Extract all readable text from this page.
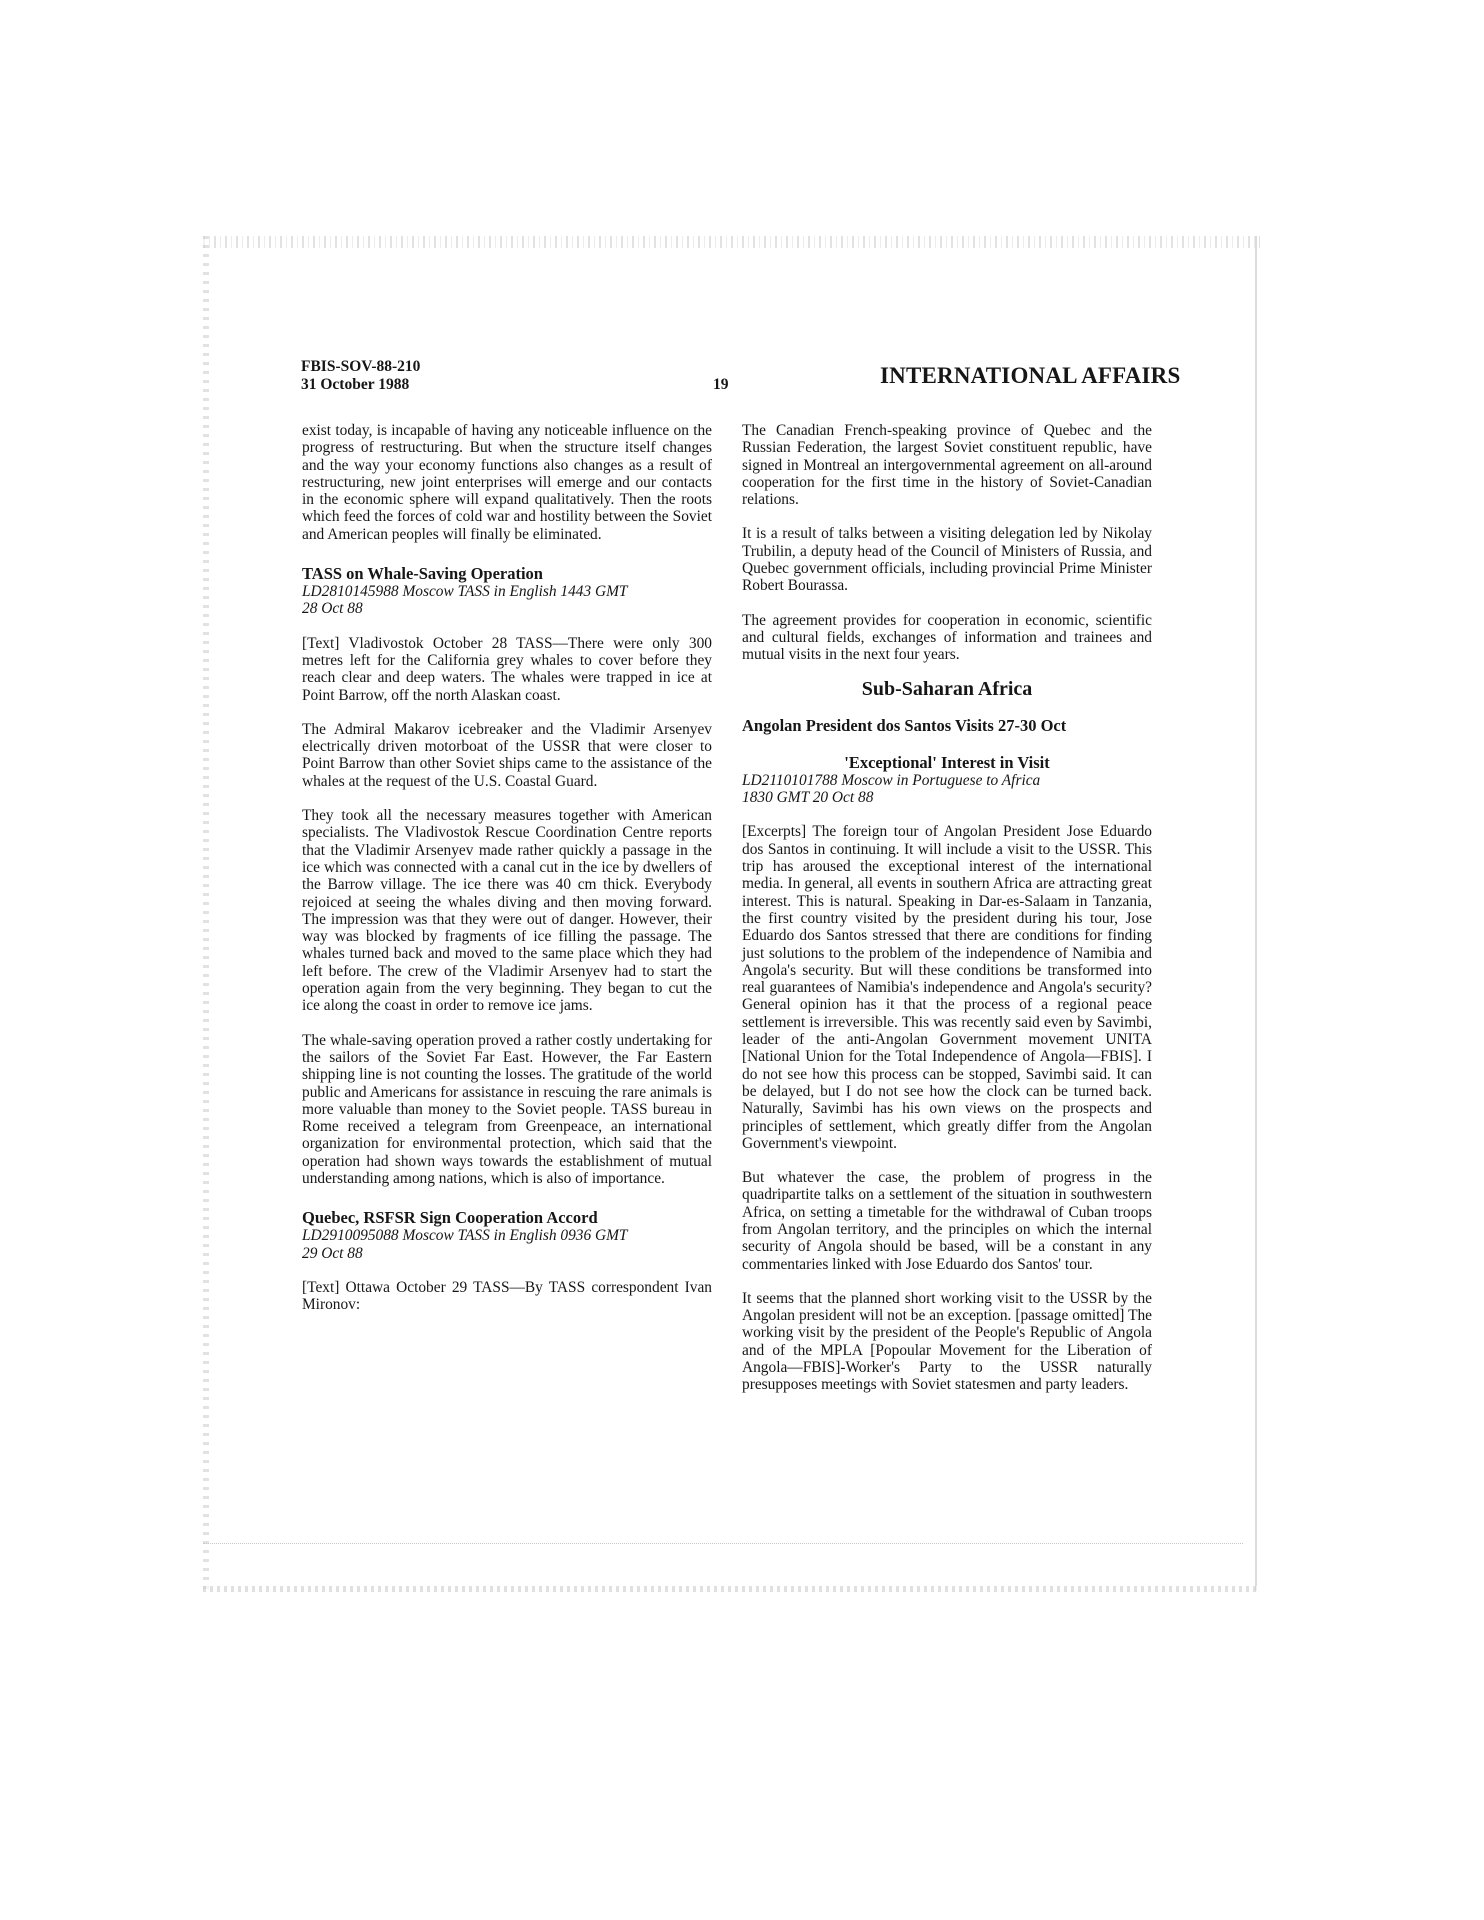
FBIS-SOV-88-210
31 October 1988	19	INTERNATIONAL AFFAIRS

exist today, is incapable of having any noticeable influence on the progress of restructuring. But when the structure itself changes and the way your economy functions also changes as a result of restructuring, new joint enterprises will emerge and our contacts in the economic sphere will expand qualitatively. Then the roots which feed the forces of cold war and hostility between the Soviet and American peoples will finally be eliminated.

TASS on Whale-Saving Operation
LD2810145988 Moscow TASS in English 1443 GMT
28 Oct 88

[Text] Vladivostok October 28 TASS—There were only 300 metres left for the California grey whales to cover before they reach clear and deep waters. The whales were trapped in ice at Point Barrow, off the north Alaskan coast.

The Admiral Makarov icebreaker and the Vladimir Arsenyev electrically driven motorboat of the USSR that were closer to Point Barrow than other Soviet ships came to the assistance of the whales at the request of the U.S. Coastal Guard.

They took all the necessary measures together with American specialists. The Vladivostok Rescue Coordination Centre reports that the Vladimir Arsenyev made rather quickly a passage in the ice which was connected with a canal cut in the ice by dwellers of the Barrow village. The ice there was 40 cm thick. Everybody rejoiced at seeing the whales diving and then moving forward. The impression was that they were out of danger. However, their way was blocked by fragments of ice filling the passage. The whales turned back and moved to the same place which they had left before. The crew of the Vladimir Arsenyev had to start the operation again from the very beginning. They began to cut the ice along the coast in order to remove ice jams.

The whale-saving operation proved a rather costly undertaking for the sailors of the Soviet Far East. However, the Far Eastern shipping line is not counting the losses. The gratitude of the world public and Americans for assistance in rescuing the rare animals is more valuable than money to the Soviet people. TASS bureau in Rome received a telegram from Greenpeace, an international organization for environmental protection, which said that the operation had shown ways towards the establishment of mutual understanding among nations, which is also of importance.

Quebec, RSFSR Sign Cooperation Accord
LD2910095088 Moscow TASS in English 0936 GMT
29 Oct 88

[Text] Ottawa October 29 TASS—By TASS correspondent Ivan Mironov:

The Canadian French-speaking province of Quebec and the Russian Federation, the largest Soviet constituent republic, have signed in Montreal an intergovernmental agreement on all-around cooperation for the first time in the history of Soviet-Canadian relations.

It is a result of talks between a visiting delegation led by Nikolay Trubilin, a deputy head of the Council of Ministers of Russia, and Quebec government officials, including provincial Prime Minister Robert Bourassa.

The agreement provides for cooperation in economic, scientific and cultural fields, exchanges of information and trainees and mutual visits in the next four years.

Sub-Saharan Africa
Angolan President dos Santos Visits 27-30 Oct
'Exceptional' Interest in Visit
LD2110101788 Moscow in Portuguese to Africa
1830 GMT 20 Oct 88

[Excerpts] The foreign tour of Angolan President Jose Eduardo dos Santos in continuing. It will include a visit to the USSR. This trip has aroused the exceptional interest of the international media. In general, all events in southern Africa are attracting great interest. This is natural. Speaking in Dar-es-Salaam in Tanzania, the first country visited by the president during his tour, Jose Eduardo dos Santos stressed that there are conditions for finding just solutions to the problem of the independence of Namibia and Angola's security. But will these conditions be transformed into real guarantees of Namibia's independence and Angola's security? General opinion has it that the process of a regional peace settlement is irreversible. This was recently said even by Savimbi, leader of the anti-Angolan Government movement UNITA [National Union for the Total Independence of Angola—FBIS]. I do not see how this process can be stopped, Savimbi said. It can be delayed, but I do not see how the clock can be turned back. Naturally, Savimbi has his own views on the prospects and principles of settlement, which greatly differ from the Angolan Government's viewpoint.

But whatever the case, the problem of progress in the quadripartite talks on a settlement of the situation in southwestern Africa, on setting a timetable for the withdrawal of Cuban troops from Angolan territory, and the principles on which the internal security of Angola should be based, will be a constant in any commentaries linked with Jose Eduardo dos Santos' tour.

It seems that the planned short working visit to the USSR by the Angolan president will not be an exception. [passage omitted] The working visit by the president of the People's Republic of Angola and of the MPLA [Popoular Movement for the Liberation of Angola—FBIS]-Worker's Party to the USSR naturally presupposes meetings with Soviet statesmen and party leaders.
